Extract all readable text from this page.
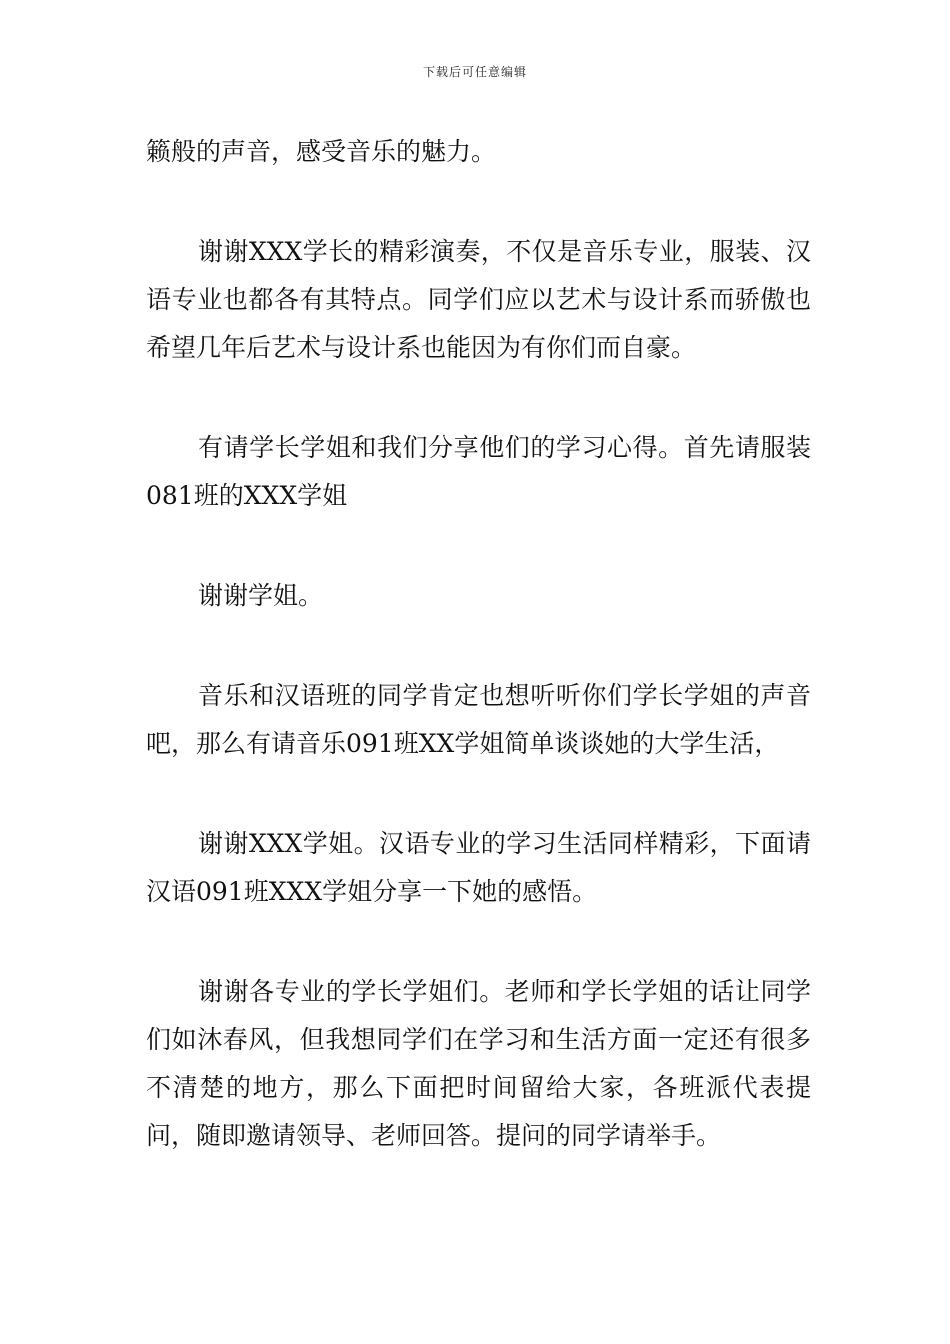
下载后可任意编辑

籁般的声音，感受音乐的魅力。

谢谢XXX学长的精彩演奏，不仅是音乐专业，服装、汉语专业也都各有其特点。同学们应以艺术与设计系而骄傲也希望几年后艺术与设计系也能因为有你们而自豪。

有请学长学姐和我们分享他们的学习心得。首先请服装081班的XXX学姐

谢谢学姐。

音乐和汉语班的同学肯定也想听听你们学长学姐的声音吧，那么有请音乐091班XX学姐简单谈谈她的大学生活，

谢谢XXX学姐。汉语专业的学习生活同样精彩，下面请汉语091班XXX学姐分享一下她的感悟。

谢谢各专业的学长学姐们。老师和学长学姐的话让同学们如沐春风，但我想同学们在学习和生活方面一定还有很多不清楚的地方，那么下面把时间留给大家，各班派代表提问，随即邀请领导、老师回答。提问的同学请举手。
